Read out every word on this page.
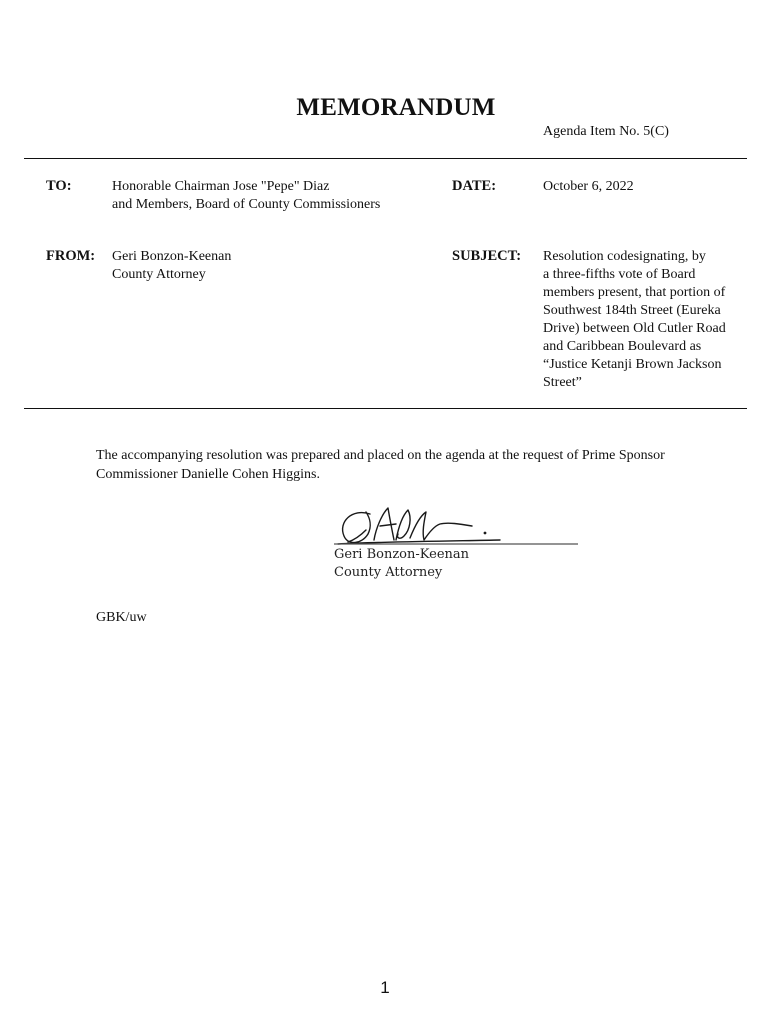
MEMORANDUM
Agenda Item No. 5(C)
TO:	Honorable Chairman Jose "Pepe" Diaz
and Members, Board of County Commissioners
DATE:	October 6, 2022
FROM: Geri Bonzon-Keenan
County Attorney
SUBJECT: Resolution codesignating, by
a three-fifths vote of Board
members present, that portion of
Southwest 184th Street (Eureka
Drive) between Old Cutler Road
and Caribbean Boulevard as
“Justice Ketanji Brown Jackson
Street”
The accompanying resolution was prepared and placed on the agenda at the request of Prime Sponsor
Commissioner Danielle Cohen Higgins.
Geri Bonzon-Keenan
County Attorney
GBK/uw
1
